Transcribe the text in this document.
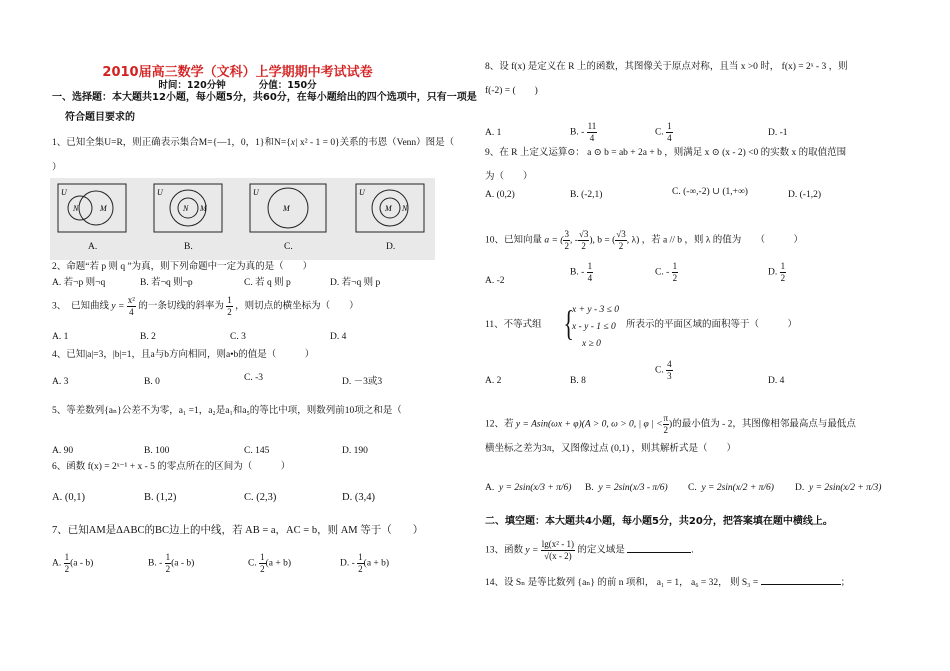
2010届高三数学（文科）上学期期中考试试卷
时间：120分钟	分值：150分
一、选择题：本大题共12小题，每小题5分，共60分，在每小题给出的四个选项中，只有一项是
符合题目要求的
1、已知全集U=R，则正确表示集合M={—1，0，1}和N={x| x² - 1 = 0}关系的韦恩（Venn）图是（
）
U
N	M
U
N M
U
M
U
M N
A.	B.	C.	D.
2、命题“若 p 则 q ”为真，则下列命题中一定为真的是（　　）
A. 若¬p 则¬q	B. 若¬q 则¬p	C. 若 q 则 p	D. 若¬q 则 p
3、　已知曲线 $y = \frac{\text{x²}}{4}$ 的一条切线的斜率为 $\frac{1}{2}$ ，则切点的横坐标为（　　）
A. 1	B. 2	C. 3	D. 4
4、已知|a|=3，|b|=1，且a与b方向相同，则a•b的值是（　　　）
A. 3	B. 0	C. -3	D. －3或3
5、等差数列{aₙ}公差不为零，a₁ =1，a₂是a₁和a₅的等比中项，则数列前10项之和是（
A. 90	B. 100	C. 145	D. 190
6、函数 f(x) = 2ˣ⁻¹ + x - 5 的零点所在的区间为（　　　）
A. (0,1)	B. (1,2)	C. (2,3)	D. (3,4)
7、已知AM是ΔABC的BC边上的中线，若 AB = a，AC = b，则 AM 等于（　　）
A. $\frac{1}{2} (a - b)$	B. - $\frac{1}{2} (a - b)$	C. $\frac{1}{2} (a + b)$	D. - $\frac{1}{2} (a + b)$
8、设 f(x) 是定义在 R 上的函数，其图像关于原点对称，且当 x >0 时， f(x) = 2ˣ - 3 ，则
f(-2) = (　　)
A. 1	B. - $\frac{11}{4}$	C. $\frac{1}{4}$	D. -1
9、在 R 上定义运算⊙： a ⊙ b = ab + 2a + b ，则满足 x ⊙ (x - 2) <0 的实数 x 的取值范围
为（　　）
A. (0,2)	B. (-2,1)	C. (-∞,-2) ∪ (1,+∞)	D. (-1,2)
10、已知向量 a = ( $\frac{3}{2}$ , - $\frac{√3}{2}$ ), b = ( $\frac{√3}{2}$ , λ) ，若 a // b ，则 λ 的值为　　（　　　）
A. -2
B. - $\frac{1}{4}$	C. - $\frac{1}{2}$	D. $\frac{1}{2}$
11、不等式组 {
x + y - 3 ≤ 0
x - y - 1 ≤ 0
x ≥ 0
所表示的平面区域的面积等于（　　　）
A. 2	B. 8
C. $\frac{4}{3}$	D. 4
12、若 y = Asin(ωx + φ)(A > 0, ω > 0, | φ | < $\frac{\pi}{2}$ )的最小值为 - 2，其图像相邻最高点与最低点
横坐标之差为3π，又图像过点 (0,1) ，则其解析式是（　　）
A. y = 2sin(x/3 + π/6) B. y = 2sin(x/3 - π/6) C. y = 2sin(x/2 + π/6) D. y = 2sin(x/2 + π/3)
二、填空题：本大题共4小题，每小题5分，共20分，把答案填在题中横线上。
13、函数 $y = \frac{\text{lg(x² - 1)}}{√(x - 2)}$ 的定义域是	.
14、设 Sₙ 是等比数列 {aₙ} 的前 n 项和， a₁ = 1， a₆ = 32， 则 S₃ =	；
